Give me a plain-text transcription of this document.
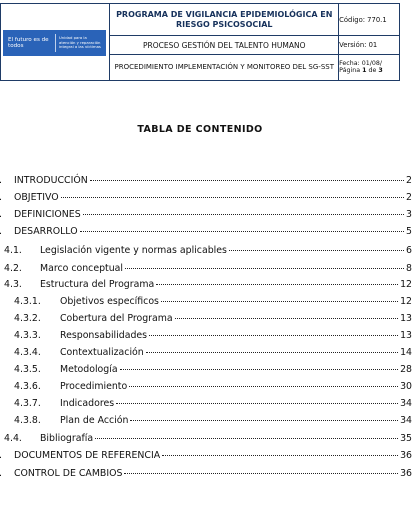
El futuro es de todos
Unidad para la atención y reparación integral a las víctimas	PROGRAMA DE VIGILANCIA EPIDEMIOLÓGICA EN RIESGO PSICOSOCIAL	Código: 770.1
	PROCESO GESTIÓN DEL TALENTO HUMANO	Versión: 01
	PROCEDIMIENTO IMPLEMENTACIÓN Y MONITOREO DEL SG-SST	Fecha: 01/08/
Página 1 de 3
TABLA DE CONTENIDO
INTRODUCCIÓN	2
OBJETIVO	2
DEFINICIONES	3
DESARROLLO	5
4.1. Legislación vigente y normas aplicables	6
4.2. Marco conceptual	8
4.3. Estructura del Programa	12
4.3.1. Objetivos específicos	12
4.3.2. Cobertura del Programa	13
4.3.3. Responsabilidades	13
4.3.4. Contextualización	14
4.3.5. Metodología	28
4.3.6. Procedimiento	30
4.3.7. Indicadores	34
4.3.8. Plan de Acción	34
4.4. Bibliografía	35
DOCUMENTOS DE REFERENCIA	36
CONTROL DE CAMBIOS	36
